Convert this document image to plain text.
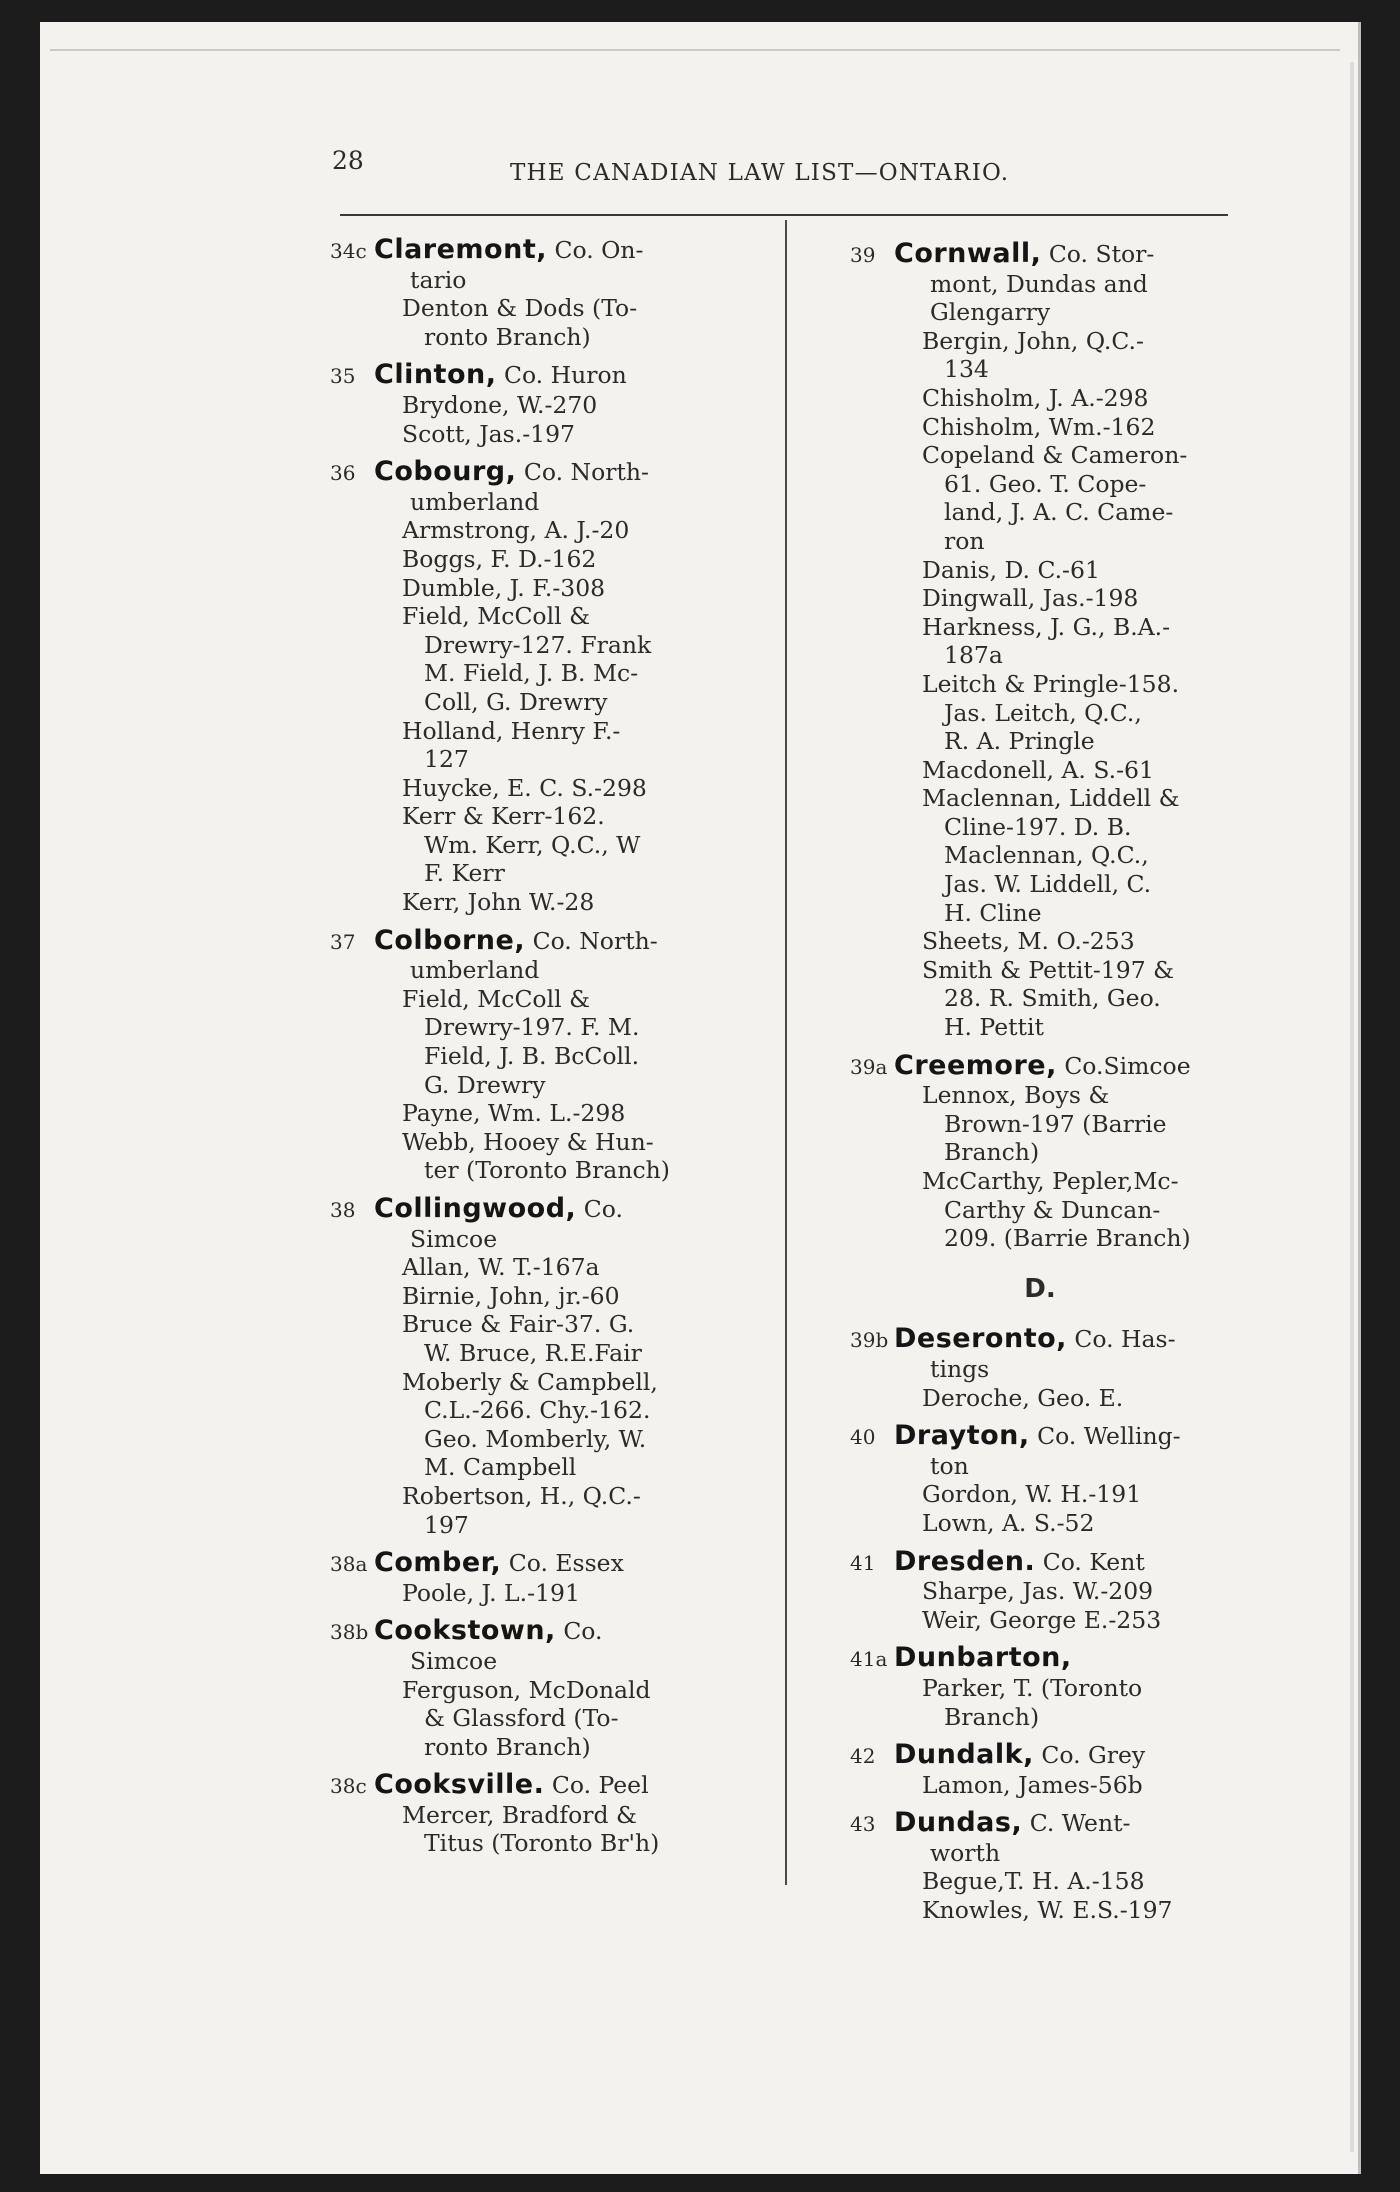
28	THE CANADIAN LAW LIST—ONTARIO.
34c Claremont, Co. On-
tario
Denton & Dods (To-
ronto Branch)
35 Clinton, Co. Huron
Brydone, W.-270
Scott, Jas.-197
36 Cobourg, Co. North-
umberland
Armstrong, A. J.-20
Boggs, F. D.-162
Dumble, J. F.-308
Field, McColl &
Drewry-127. Frank
M. Field, J. B. Mc-
Coll, G. Drewry
Holland, Henry F.-
127
Huycke, E. C. S.-298
Kerr & Kerr-162.
Wm. Kerr, Q.C., W
F. Kerr
Kerr, John W.-28
37 Colborne, Co. North-
umberland
Field, McColl &
Drewry-197. F. M.
Field, J. B. BcColl.
G. Drewry
Payne, Wm. L.-298
Webb, Hooey & Hun-
ter (Toronto Branch)
38 Collingwood, Co.
Simcoe
Allan, W. T.-167a
Birnie, John, jr.-60
Bruce & Fair-37. G.
W. Bruce, R.E.Fair
Moberly & Campbell,
C.L.-266. Chy.-162.
Geo. Momberly, W.
M. Campbell
Robertson, H., Q.C.-
197
38a Comber, Co. Essex
Poole, J. L.-191
38b Cookstown, Co.
Simcoe
Ferguson, McDonald
& Glassford (To-
ronto Branch)
38c Cooksville. Co. Peel
Mercer, Bradford &
Titus (Toronto Br'h)
39 Cornwall, Co. Stor-
mont, Dundas and
Glengarry
Bergin, John, Q.C.-
134
Chisholm, J. A.-298
Chisholm, Wm.-162
Copeland & Cameron-
61. Geo. T. Cope-
land, J. A. C. Came-
ron
Danis, D. C.-61
Dingwall, Jas.-198
Harkness, J. G., B.A.-
187a
Leitch & Pringle-158.
Jas. Leitch, Q.C.,
R. A. Pringle
Macdonell, A. S.-61
Maclennan, Liddell &
Cline-197. D. B.
Maclennan, Q.C.,
Jas. W. Liddell, C.
H. Cline
Sheets, M. O.-253
Smith & Pettit-197 &
28. R. Smith, Geo.
H. Pettit
39a Creemore, Co.Simcoe
Lennox, Boys &
Brown-197 (Barrie
Branch)
McCarthy, Pepler,Mc-
Carthy & Duncan-
209. (Barrie Branch)
D.
39b Deseronto, Co. Has-
tings
Deroche, Geo. E.
40 Drayton, Co. Welling-
ton
Gordon, W. H.-191
Lown, A. S.-52
41 Dresden. Co. Kent
Sharpe, Jas. W.-209
Weir, George E.-253
41a Dunbarton,
Parker, T. (Toronto
Branch)
42 Dundalk, Co. Grey
Lamon, James-56b
43 Dundas, C. Went-
worth
Begue,T. H. A.-158
Knowles, W. E.S.-197
